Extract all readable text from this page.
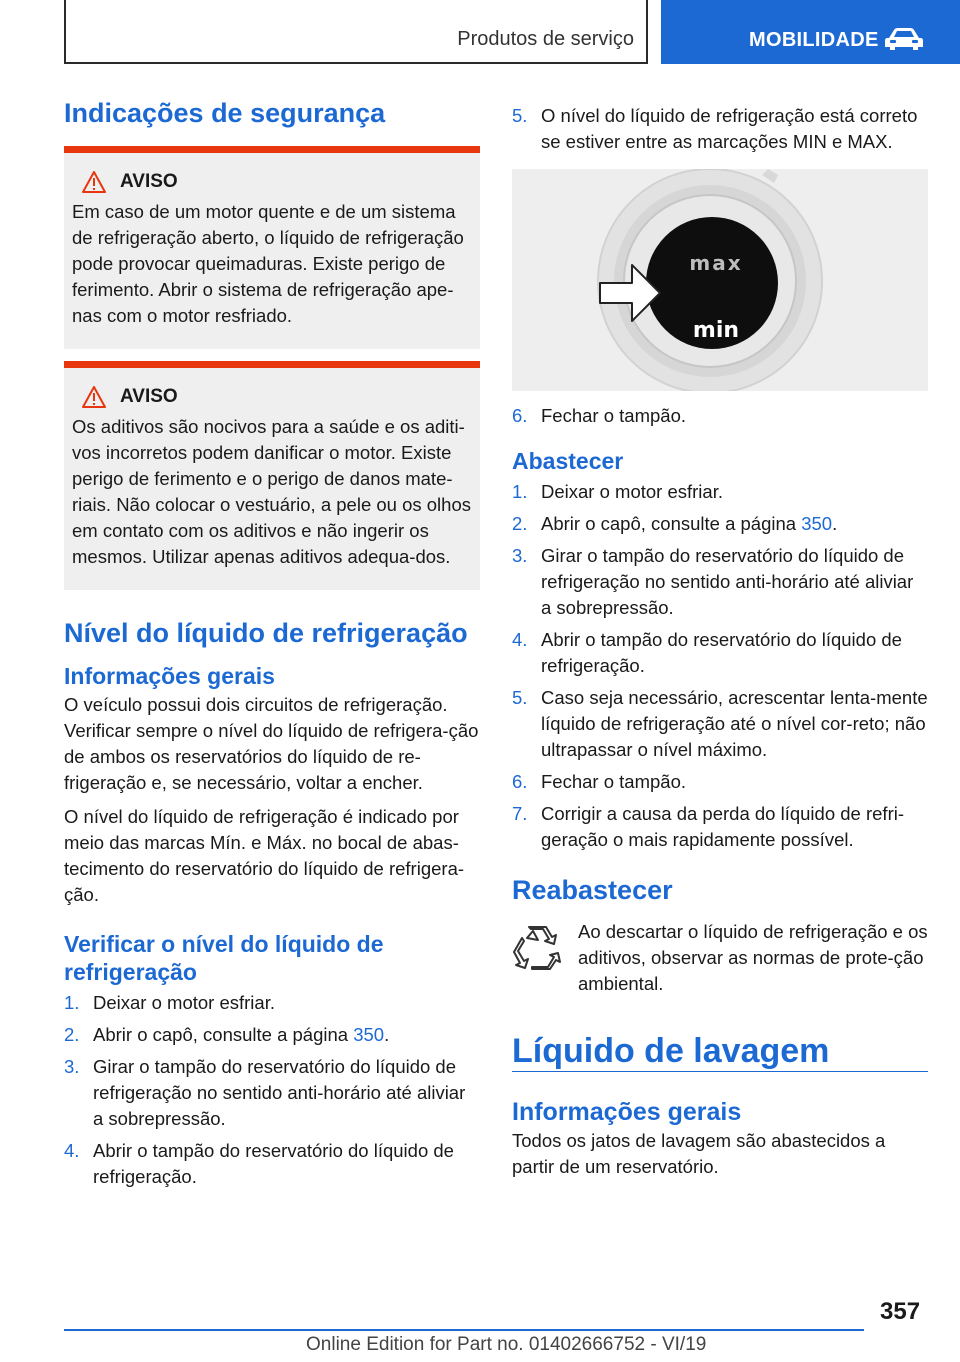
Produtos de serviço	MOBILIDADE
Indicações de segurança
AVISO

Em caso de um motor quente e de um sistema de refrigeração aberto, o líquido de refrigeração pode provocar queimaduras. Existe perigo de ferimento. Abrir o sistema de refrigeração ape‐nas com o motor resfriado.

AVISO

Os aditivos são nocivos para a saúde e os aditi‐vos incorretos podem danificar o motor. Existe perigo de ferimento e o perigo de danos mate‐riais. Não colocar o vestuário, a pele ou os olhos em contato com os aditivos e não ingerir os mesmos. Utilizar apenas aditivos adequa‐dos.

Nível do líquido de refrigeração
Informações gerais

O veículo possui dois circuitos de refrigeração. Verificar sempre o nível do líquido de refrigera‐ção de ambos os reservatórios do líquido de re‐frigeração e, se necessário, voltar a encher.

O nível do líquido de refrigeração é indicado por meio das marcas Mín. e Máx. no bocal de abas‐tecimento do reservatório do líquido de refrigera‐ção.

Verificar o nível do líquido de refrigeração
1. Deixar o motor esfriar.
2. Abrir o capô, consulte a página 350.
3. Girar o tampão do reservatório do líquido de refrigeração no sentido anti-horário até aliviar a sobrepressão.
4. Abrir o tampão do reservatório do líquido de refrigeração.
5. O nível do líquido de refrigeração está correto se estiver entre as marcações MIN e MAX.
max
min
6. Fechar o tampão.
Abastecer
1. Deixar o motor esfriar.
2. Abrir o capô, consulte a página 350.
3. Girar o tampão do reservatório do líquido de refrigeração no sentido anti-horário até aliviar a sobrepressão.
4. Abrir o tampão do reservatório do líquido de refrigeração.
5. Caso seja necessário, acrescentar lenta‐mente líquido de refrigeração até o nível cor‐reto; não ultrapassar o nível máximo.
6. Fechar o tampão.
7. Corrigir a causa da perda do líquido de refri‐geração o mais rapidamente possível.
Reabastecer

Ao descartar o líquido de refrigeração e os aditivos, observar as normas de prote‐ção ambiental.

Líquido de lavagem
Informações gerais

Todos os jatos de lavagem são abastecidos a partir de um reservatório.

357
Online Edition for Part no. 01402666752 - VI/19
